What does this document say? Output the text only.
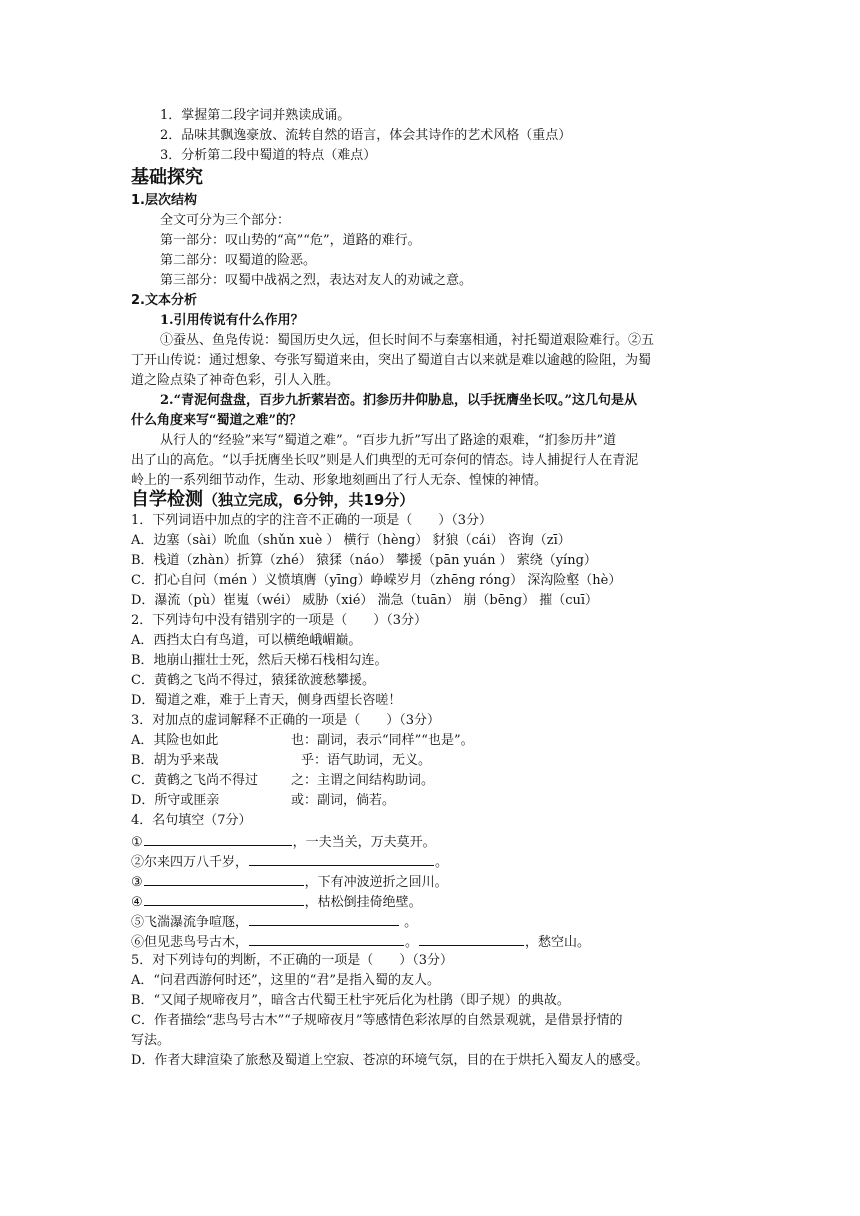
1．掌握第二段字词并熟读成诵。
2．品味其飘逸豪放、流转自然的语言，体会其诗作的艺术风格（重点）
3．分析第二段中蜀道的特点（难点）
基础探究
1.层次结构
全文可分为三个部分：
第一部分：叹山势的“高”“危”，道路的难行。
第二部分：叹蜀道的险恶。
第三部分：叹蜀中战祸之烈，表达对友人的劝诫之意。
2.文本分析
1.引用传说有什么作用？
①蚕丛、鱼凫传说：蜀国历史久远，但长时间不与秦塞相通，衬托蜀道艰险难行。②五
丁开山传说：通过想象、夸张写蜀道来由，突出了蜀道自古以来就是难以逾越的险阻，为蜀
道之险点染了神奇色彩，引人入胜。
2.“青泥何盘盘，百步九折萦岩峦。扪参历井仰胁息，以手抚膺坐长叹。”这几句是从
什么角度来写“蜀道之难”的？
从行人的“经验”来写“蜀道之难”。“百步九折”写出了路途的艰难，“扪参历井”道
出了山的高危。“以手抚膺坐长叹”则是人们典型的无可奈何的情态。诗人捕捉行人在青泥
岭上的一系列细节动作，生动、形象地刻画出了行人无奈、惶悚的神情。
自学检测（独立完成，6分钟，共19分）
1．下列词语中加点的字的注音不正确的一项是（　　）（3分）
A．边塞（sài）吮血（shǔn xuè ） 横行（hèng） 豺狼（cái） 咨询（zī）
B．栈道（zhàn）折算（zhé） 猿猱（náo） 攀援（pān yuán ） 萦绕（yíng）
C．扪心自问（mén ）义愤填膺（yīng）峥嵘岁月（zhēng róng） 深沟险壑（hè）
D．瀑流（pù）崔嵬（wéi） 威胁（xié） 湍急（tuān） 崩（bēng） 摧（cuī）
2．下列诗句中没有错别字的一项是（　　）（3分）
A．西挡太白有鸟道，可以横绝峨嵋巅。
B．地崩山摧壮士死，然后天梯石栈相勾连。
C．黄鹤之飞尚不得过，猿猱欲渡愁攀援。
D．蜀道之难，难于上青天，侧身西望长咨嗟！
3．对加点的虚词解释不正确的一项是（　　）（3分）
A．其险也如此	也：副词，表示“同样”“也是”。
B．胡为乎来哉	乎：语气助词，无义。
C．黄鹤之飞尚不得过	之：主谓之间结构助词。
D．所守或匪亲	或：副词，倘若。
4．名句填空（7分）
①	，一夫当关，万夫莫开。
②尔来四万八千岁，	。
③	，下有冲波逆折之回川。
④	，枯松倒挂倚绝壁。
⑤飞湍瀑流争喧豗，	。
⑥但见悲鸟号古木，	。	，愁空山。
5．对下列诗句的判断，不正确的一项是（　　）（3分）
A．“问君西游何时还”，这里的“君”是指入蜀的友人。
B．“又闻子规啼夜月”，暗含古代蜀王杜宇死后化为杜鹃（即子规）的典故。
C．作者描绘“悲鸟号古木”“子规啼夜月”等感情色彩浓厚的自然景观就，是借景抒情的
写法。
D．作者大肆渲染了旅愁及蜀道上空寂、苍凉的环境气氛，目的在于烘托入蜀友人的感受。
